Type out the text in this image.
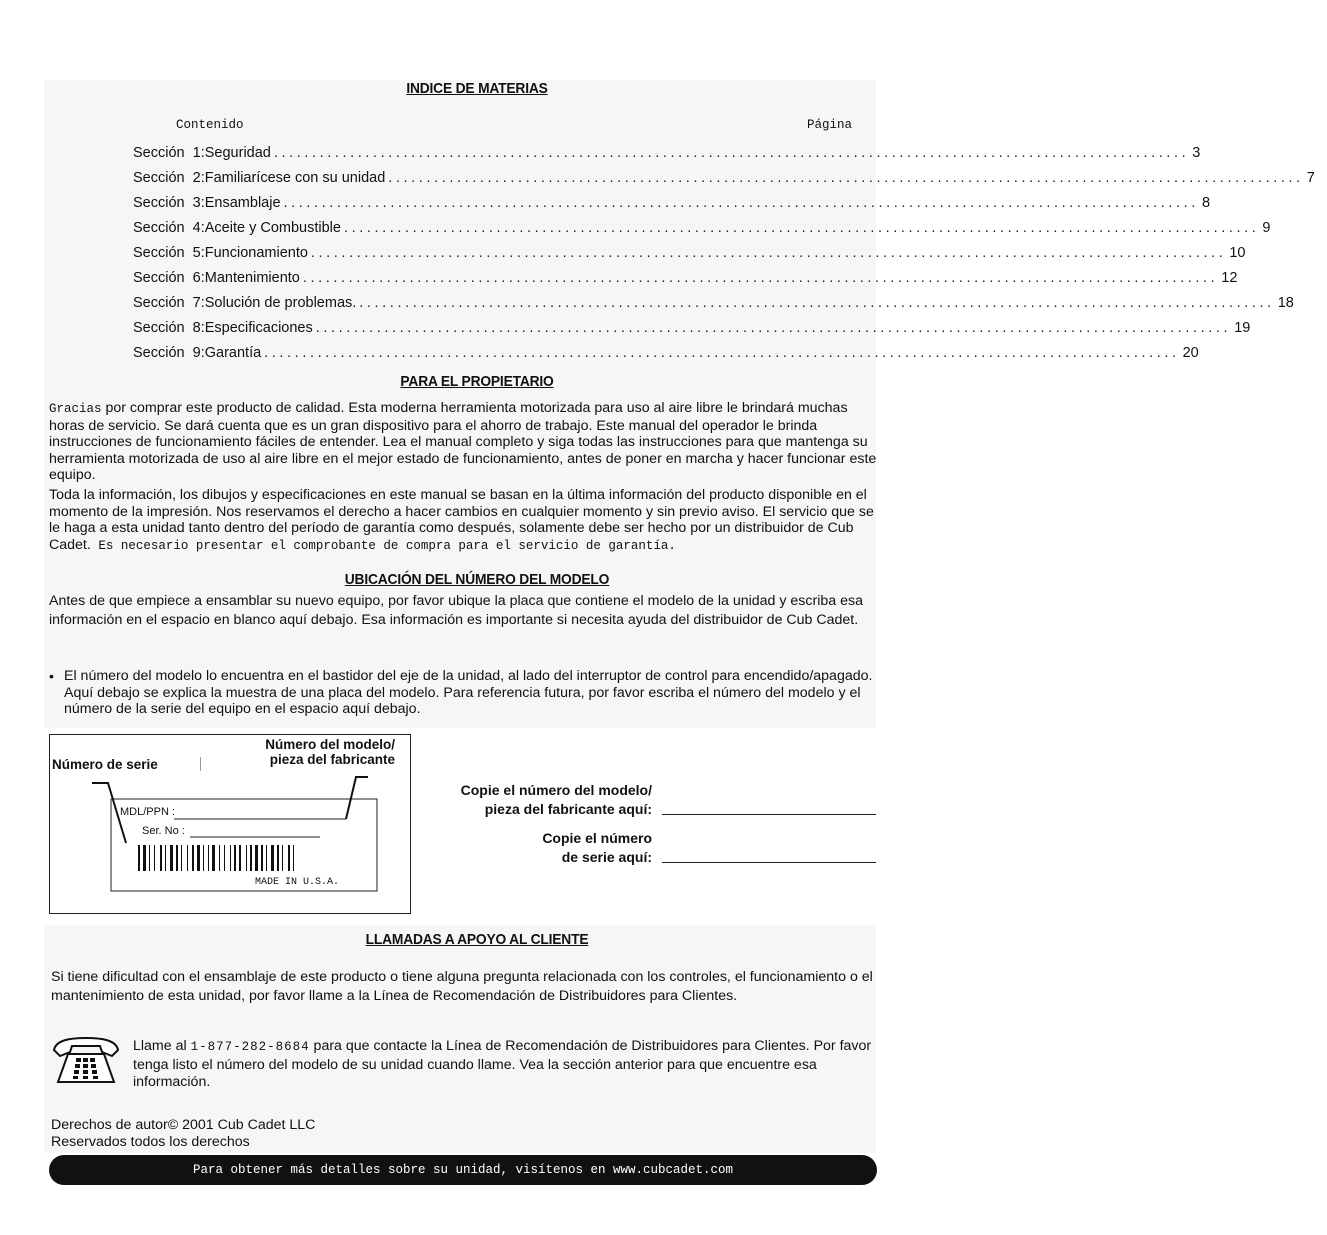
INDICE DE MATERIAS
Contenido	Página
Sección  1: Seguridad ........................................................................................................................ 3
Sección  2: Familiarícese con su unidad ........................................................................................................................ 7
Sección  3: Ensamblaje ........................................................................................................................ 8
Sección  4: Aceite y Combustible ........................................................................................................................ 9
Sección  5: Funcionamiento ........................................................................................................................ 10
Sección  6: Mantenimiento ........................................................................................................................ 12
Sección  7: Solución de problemas. ........................................................................................................................ 18
Sección  8: Especificaciones ........................................................................................................................ 19
Sección  9: Garantía ........................................................................................................................ 20
PARA EL PROPIETARIO
Gracias por comprar este producto de calidad. Esta moderna herramienta motorizada para uso al aire libre le brindará muchas horas de servicio. Se dará cuenta que es un gran dispositivo para el ahorro de trabajo. Este manual del operador le brinda instrucciones de funcionamiento fáciles de entender. Lea el manual completo y siga todas las instrucciones para que mantenga su herramienta motorizada de uso al aire libre en el mejor estado de funcionamiento, antes de poner en marcha y hacer funcionar este equipo.
Toda la información, los dibujos y especificaciones en este manual se basan en la última información del producto disponible en el momento de la impresión. Nos reservamos el derecho a hacer cambios en cualquier momento y sin previo aviso. El servicio que se le haga a esta unidad tanto dentro del período de garantía como después, solamente debe ser hecho por un distribuidor de Cub Cadet. Es necesario presentar el comprobante de compra para el servicio de garantía.
UBICACIÓN DEL NÚMERO DEL MODELO
Antes de que empiece a ensamblar su nuevo equipo, por favor ubique la placa que contiene el modelo de la unidad y escriba esa información en el espacio en blanco aquí debajo. Esa información es importante si necesita ayuda del distribuidor de Cub Cadet.
• El número del modelo lo encuentra en el bastidor del eje de la unidad, al lado del interruptor de control para encendido/apagado. Aquí debajo se explica la muestra de una placa del modelo. Para referencia futura, por favor escriba el número del modelo y el número de la serie del equipo en el espacio aquí debajo.
Número de serie
Número del modelo/
pieza del fabricante
MDL/PPN :
Ser. No :
MADE IN U.S.A.
Copie el número del modelo/
pieza del fabricante aquí:
Copie el número
de serie aquí:
LLAMADAS A APOYO AL CLIENTE
Si tiene dificultad con el ensamblaje de este producto o tiene alguna pregunta relacionada con los controles, el funcionamiento o el mantenimiento de esta unidad, por favor llame a la Línea de Recomendación de Distribuidores para Clientes.
Llame al 1-877-282-8684 para que contacte la Línea de Recomendación de Distribuidores para Clientes. Por favor tenga listo el número del modelo de su unidad cuando llame. Vea la sección anterior para que encuentre esa información.
Derechos de autor© 2001 Cub Cadet LLC
Reservados todos los derechos
Para obtener más detalles sobre su unidad, visítenos en www.cubcadet.com
